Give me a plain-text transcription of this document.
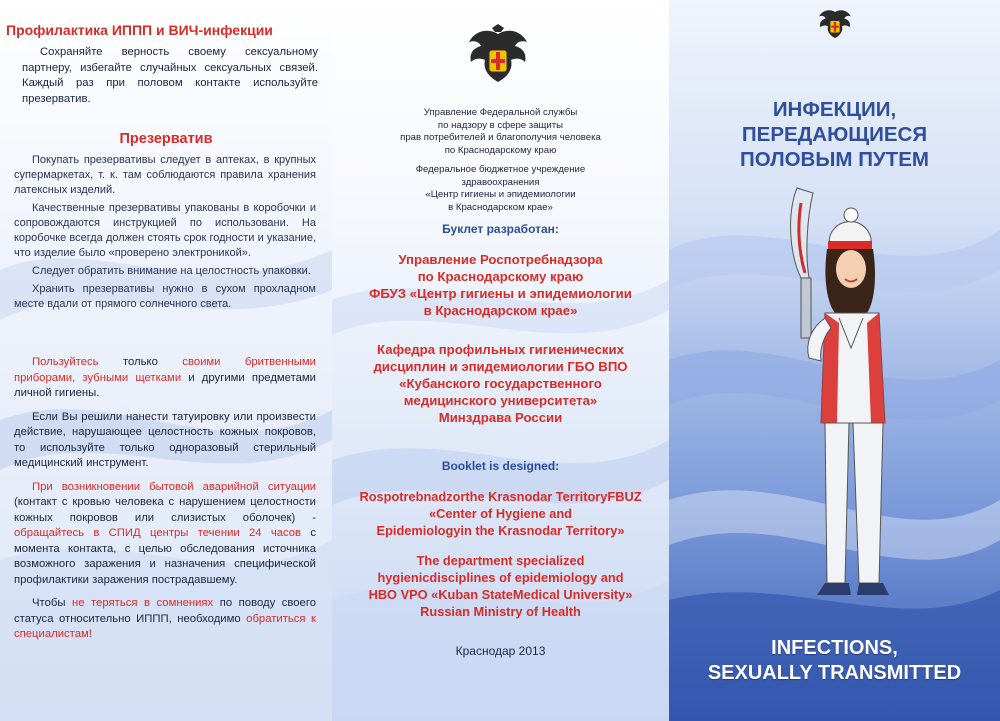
Профилактика ИППП и ВИЧ-инфекции

Сохраняйте верность своему сексуальному партнеру, избегайте случайных сексуальных связей. Каждый раз при половом контакте используйте презерватив.

Презерватив

Покупать презервативы следует в аптеках, в крупных супермаркетах, т. к. там соблюдаются правила хранения латексных изделий.

Качественные презервативы упакованы в коробочки и сопровождаются инструкцией по использовани. На коробочке всегда должен стоять срок годности и указание, что изделие было «проверено электроникой».

Следует обратить внимание на целостность упаковки.

Хранить презервативы нужно в сухом прохладном месте вдали от прямого солнечного света.

Пользуйтесь только своими бритвенными приборами, зубными щетками и другими предметами личной гигиены.

Если Вы решили нанести татуировку или произвести действие, нарушающее целостность кожных покровов, то используйте только одноразовый стерильный медицинский инструмент.

При возникновении бытовой аварийной ситуации (контакт с кровью человека с нарушением целостности кожных покровов или слизистых оболочек) - обращайтесь в СПИД центры течении 24 часов с момента контакта, с целью обследования источника возможного заражения и назначения специфической профилактики заражения пострадавшему.

Чтобы не теряться в сомнениях по поводу своего статуса относительно ИППП, необходимо обратиться к специалистам!

Управление Федеральной службы
по надзору в сфере защиты
прав потребителей и благополучия человека
по Краснодарскому краю
Федеральное бюджетное учреждение
здравоохранения
«Центр гигиены и эпидемиологии
в Краснодарском крае»
Буклет разработан:
Управление Роспотребнадзора
по Краснодарскому краю
ФБУЗ «Центр гигиены и эпидемиологии
в Краснодарском крае»
Кафедра профильных гигиенических
дисциплин и эпидемиологии ГБО ВПО
«Кубанского государственного
медицинского университета»
Минздрава России
Booklet is designed:
Rospotrebnadzorthe Krasnodar TerritoryFBUZ
«Center of Hygiene and
Epidemiologyin the Krasnodar Territory»
The department specialized
hygienicdisciplines of epidemiology and
HBO VPO «Kuban StateMedical University»
Russian Ministry of Health
Краснодар 2013
ИНФЕКЦИИ,
ПЕРЕДАЮЩИЕСЯ
ПОЛОВЫМ ПУТЕМ
INFECTIONS,
SEXUALLY TRANSMITTED
